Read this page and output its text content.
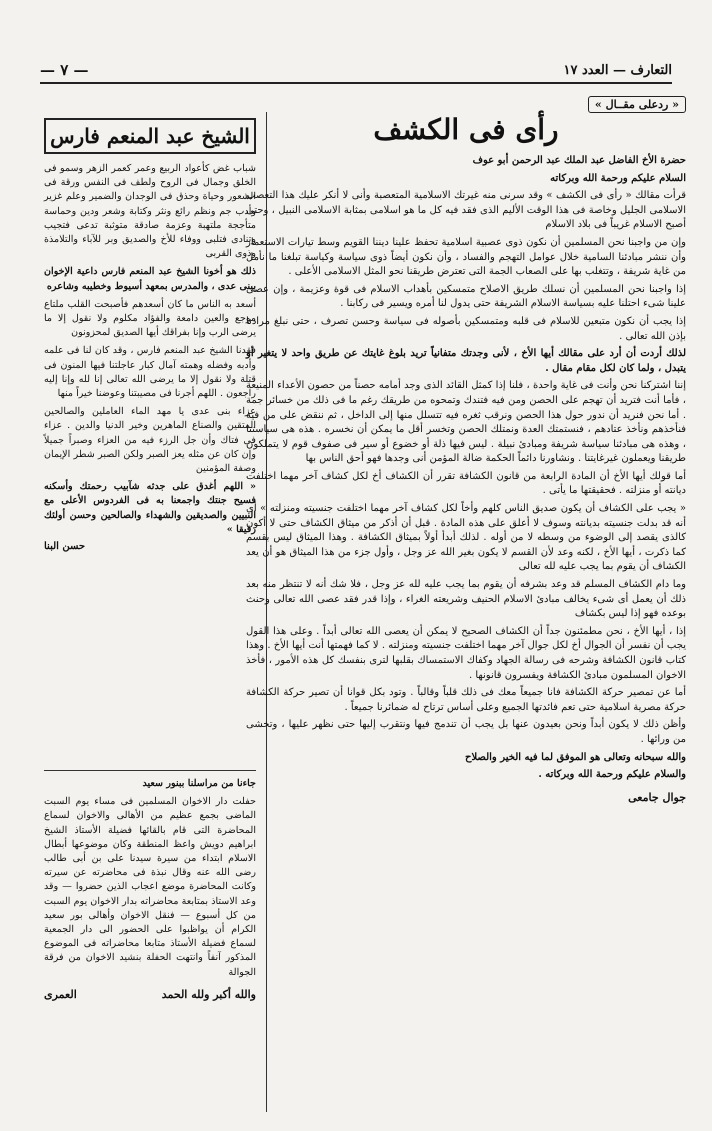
التعارف — العدد ١٧
— ٧ —
« ردعلى مقــال »
رأى فى الكشف

حضرة الأخ الفاضل عبد الملك عبد الرحمن أبو عوف

السلام عليكم ورحمة الله وبركاته

قرأت مقالك « رأى فى الكشف » وقد سرنى منه غيرتك الاسلامية المتعصبة وأنى لا أنكر عليك هذا التعصب الاسلامى الجليل وخاصة فى هذا الوقت الأليم الذى فقد فيه كل ما هو اسلامى بمثابة الاسلامى النبيل ، وحتى أصبح الاسلام غريباً فى بلاد الاسلام

وإن من واجبنا نحن المسلمين أن نكون ذوى عصبية اسلامية تحفظ علينا ديننا القويم وسط تيارات الاستعمار وأن ننشر مبادئنا السامية خلال عوامل التهجم والفساد ، وأن نكون أيضاً ذوى سياسة وكياسة تبلغنا ما نأمل من غاية شريفة ، وتتغلب بها على الصعاب الجمة التى تعترض طريقنا نحو المثل الاسلامى الأعلى .

إذا واجبنا نحن المسلمين أن نسلك طريق الاصلاح متمسكين بأهداب الاسلام فى قوة وعزيمة ، وإن عصى علينا شىء احتلنا عليه بسياسة الاسلام الشريفة حتى يدول لنا أمره ويسير فى ركابنا .

إذا يجب أن نكون متبعين للاسلام فى قلبه ومتمسكين بأصوله فى سياسة وحسن تصرف ، حتى نبلغ مرادنا بإذن الله تعالى .

لذلك أردت أن أرد على مقالك أيها الأخ ، لأنى وجدتك متفانياً تريد بلوغ غايتك عن طريق واحد لا يتغير أو يتبدل ، ولما كان لكل مقام مقال .

إننا اشتركنا نحن وأنت فى غاية واحدة ، فلنا إذا كمثل القائد الذى وجد أمامه حصناً من حصون الأعداء المنيعة ، فأما أنت فتريد أن تهجم على الحصن ومن فيه فتندك وتمحوه من طريقك رغم ما فى ذلك من خسائر جمة . أما نحن فنريد أن ندور حول هذا الحصن ونرقب ثغره فيه تتسلل منها إلى الداخل ، ثم ننقض على من فيه فنأخذهم ونأخذ عتادهم ، فنستمتك العدة ونمتلك الحصن وتخسر أقل ما يمكن أن نخسره . هذه هى سياستنا ، وهذه هى مبادئنا سياسة شريفة ومبادئ نبيلة . ليس فيها ذلة أو خضوع أو سير فى صفوف قوم لا يتملكون طريقنا ويعملون غيرغايتنا . ونشاورنا دائماً الحكمة ضالة المؤمن أنى وجدها فهو أحق الناس بها

أما قولك أيها الأخ أن المادة الرابعة من قانون الكشافة تقرر أن الكشاف أخ لكل كشاف آخر مهما اختلفت ديانته أو منزلته . فحقيقتها ما يأتى .

« يجب على الكشاف أن يكون صديق الناس كلهم وأخاً لكل كشاف آخر مهما اختلفت جنسيته ومنزلته » أى أنه قد بدلت جنسيته بديانته وسوف لا أعلق على هذه المادة . قبل أن أذكر من ميثاق الكشاف حتى لا أكون كالذى يقصد إلى الوضوء من وسطه لا من أوله . لذلك أبدأ أولاً بميثاق الكشافة . وهذا الميثاق ليس بقسم كما ذكرت ، أيها الأخ ، لكنه وعد لأن القسم لا يكون بغير الله عز وجل ، وأول جزء من هذا الميثاق هو أن يعد الكشاف أن يقوم بما يجب عليه لله تعالى

وما دام الكشاف المسلم قد وعد بشرفه أن يقوم بما يجب عليه لله عز وجل ، فلا شك أنه لا تنتظر منه بعد ذلك أن يعمل أى شىء يخالف مبادئ الاسلام الحنيف وشريعته الغراء ، وإذا قدر فقد عصى الله تعالى وحنث بوعده فهو إذا ليس بكشاف

إذا ، أيها الأخ ، نحن مطمئنون جداً أن الكشاف الصحيح لا يمكن أن يعصى الله تعالى أبداً . وعلى هذا القول يجب أن نفسر أن الجوال أخ لكل جوال آخر مهما اختلفت جنسيته ومنزلته . لا كما فهمتها أنت أيها الأخ . وهذا كتاب قانون الكشافة وشرحه فى رسالة الجهاد وكفاك الاستمساك بقلبها لترى بنفسك كل هذه الأمور ، فأخذ الاخوان المسلمون مبادئ الكشافة ويفسرون قانونها .

أما عن تمصير حركة الكشافة فانا جميعاً معك فى ذلك قلباً وقالباً . وتود بكل قوانا أن تصير حركة الكشافة حركة مصرية اسلامية حتى تعم فائدتها الجميع وعلى أساس ترتاح له ضمائرنا جميعاً .

وأظن ذلك لا يكون أبداً ونحن بعيدون عنها بل يجب أن تندمج فيها ونتقرب إليها حتى نظهر عليها ، وتخشى من ورائها .

والله سبحانه وتعالى هو الموفق لما فيه الخير والصلاح

والسلام عليكم ورحمة الله وبركاته .

جوال جامعى
الشيخ عبد المنعم فارس

شباب غض كأعواد الربيع وعمر كعمر الزهر وسمو فى الخلق وجمال فى الروح ولطف فى النفس ورقة فى الشعور وحياة وحذق فى الوجدان والضمير وعلم غزير وأدب جم ونظم رائع ونثر وكتابة وشعر ودين وحماسة متأججة ملتهبة وعزمة صادقة متوثبة تدعى فتجيب وتنادى فتلبى ووفاء للأخ والصديق وبر للآباء والتلامذة وذوى القربى

ذلك هو أخونا الشيخ عبد المنعم فارس داعية الإخوان ببنى عدى ، والمدرس بمعهد أسيوط وخطيبه وشاعره

أسعد به الناس ما كان أسعدهم فأصبحت القلب ملتاع موجع والعين دامعة والفؤاد مكلوم ولا نقول إلا ما يرضى الرب وإنا بفراقك أيها الصديق لمحزونون

فقدنا الشيخ عبد المنعم فارس ، وقد كان لنا فى علمه وأدبه وفضله وهمته آمال كبار عاجلتنا فيها المنون فى قتلة ولا نقول إلا ما يرضى الله تعالى إنا لله وإنا إليه راجعون . اللهم أجرنا فى مصيبتنا وعوضنا خيراً منها

عزاء بنى عدى يا مهد الماء العاملين والصالحين المتقين والصناع الماهرين وخير الدنيا والدين . عزاء فى فتاك وأن جل الرزء فيه من العزاء وصبراً جميلاً وإن كان عن مثله يعز الصبر ولكن الصبر شطر الإيمان وصفة المؤمنين

« اللهم أغدق على جدثه شآبيب رحمتك وأسكنه فسيح جنتك واجمعنا به فى الفردوس الأعلى مع النبيين والصديقين والشهداء والصالحين وحسن أولئك رفيقا »

حسن البنا
جاءنا من مراسلنا ببنور سعيد

حفلت دار الاخوان المسلمين فى مساء يوم السبت الماضى بجمع عظيم من الأهالى والاخوان لسماع المحاضرة التى قام بالقائها فضيلة الأستاذ الشيخ ابراهيم دويش واعظ المنطقة وكان موضوعها أبطال الاسلام ابتداء من سيرة سيدنا على بن أبى طالب رضى الله عنه وقال نبذة فى محاضرته عن سيرته وكانت المحاضرة موضع اعجاب الذين حضروا — وقد وعد الاستاذ بمتابعة محاضراته بدار الاخوان يوم السبت من كل أسبوع — فنقل الاخوان وأهالى بور سعيد الكرام أن يواظبوا على الحضور الى دار الجمعية لسماع فضيلة الأستاذ متابعا محاضراته فى الموضوع المذكور آنفاً وانتهت الحفلة بنشيد الاخوان من فرقة الجوالة

والله أكبر ولله الحمد
العمرى
